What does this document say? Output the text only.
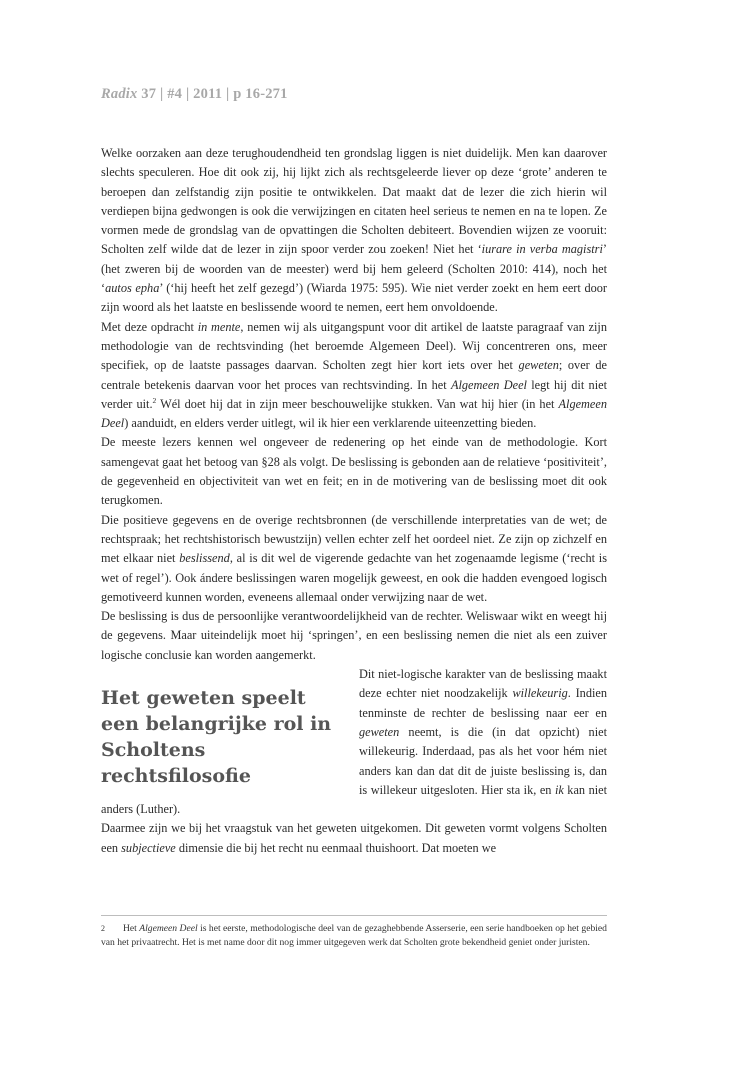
Radix 37 | #4 | 2011 | p 16-271

Welke oorzaken aan deze terughoudendheid ten grondslag liggen is niet duidelijk. Men kan daarover slechts speculeren. Hoe dit ook zij, hij lijkt zich als rechtsgeleerde liever op deze ‘grote’ anderen te beroepen dan zelfstandig zijn positie te ontwikkelen. Dat maakt dat de lezer die zich hierin wil verdiepen bijna gedwongen is ook die verwijzingen en citaten heel serieus te nemen en na te lopen. Ze vormen mede de grondslag van de opvattingen die Scholten debiteert. Bovendien wijzen ze vooruit: Scholten zelf wilde dat de lezer in zijn spoor verder zou zoeken! Niet het ‘iurare in verba magistri’ (het zweren bij de woorden van de meester) werd bij hem geleerd (Scholten 2010: 414), noch het ‘autos epha’ (‘hij heeft het zelf gezegd’) (Wiarda 1975: 595). Wie niet verder zoekt en hem eert door zijn woord als het laatste en beslissende woord te nemen, eert hem onvoldoende.

Met deze opdracht in mente, nemen wij als uitgangspunt voor dit artikel de laatste paragraaf van zijn methodologie van de rechtsvinding (het beroemde Algemeen Deel). Wij concentreren ons, meer specifiek, op de laatste passages daarvan. Scholten zegt hier kort iets over het geweten; over de centrale betekenis daarvan voor het proces van rechtsvinding. In het Algemeen Deel legt hij dit niet verder uit.$^2$ Wél doet hij dat in zijn meer beschouwelijke stukken. Van wat hij hier (in het Algemeen Deel) aanduidt, en elders verder uitlegt, wil ik hier een verklarende uiteenzetting bieden.

De meeste lezers kennen wel ongeveer de redenering op het einde van de methodologie. Kort samengevat gaat het betoog van §28 als volgt. De beslissing is gebonden aan de relatieve ‘positiviteit’, de gegevenheid en objectiviteit van wet en feit; en in de motivering van de beslissing moet dit ook terugkomen.

Die positieve gegevens en de overige rechtsbronnen (de verschillende interpretaties van de wet; de rechtspraak; het rechtshistorisch bewustzijn) vellen echter zelf het oordeel niet. Ze zijn op zichzelf en met elkaar niet beslissend, al is dit wel de vigerende gedachte van het zogenaamde legisme (‘recht is wet of regel’). Ook ándere beslissingen waren mogelijk geweest, en ook die hadden evengoed logisch gemotiveerd kunnen worden, eveneens allemaal onder verwijzing naar de wet.

De beslissing is dus de persoonlijke verantwoordelijkheid van de rechter. Weliswaar wikt en weegt hij de gegevens. Maar uiteindelijk moet hij ‘springen’, en een beslissing nemen die niet als een zuiver logische conclusie kan worden aangemerkt.

Het geweten speelt een belangrijke rol in Scholtens rechtsfilosofie

Dit niet-logische karakter van de beslissing maakt deze echter niet noodzakelijk willekeurig. Indien tenminste de rechter de beslissing naar eer en geweten neemt, is die (in dat opzicht) niet willekeurig. Inderdaad, pas als het voor hém niet anders kan dan dat dit de juiste beslissing is, dan is willekeur uitgesloten. Hier sta ik, en ik kan niet anders (Luther).

Daarmee zijn we bij het vraagstuk van het geweten uitgekomen. Dit geweten vormt volgens Scholten een subjectieve dimensie die bij het recht nu eenmaal thuishoort. Dat moeten we

2 Het Algemeen Deel is het eerste, methodologische deel van de gezaghebbende Asserserie, een serie handboeken op het gebied van het privaatrecht. Het is met name door dit nog immer uitgegeven werk dat Scholten grote bekendheid geniet onder juristen.
